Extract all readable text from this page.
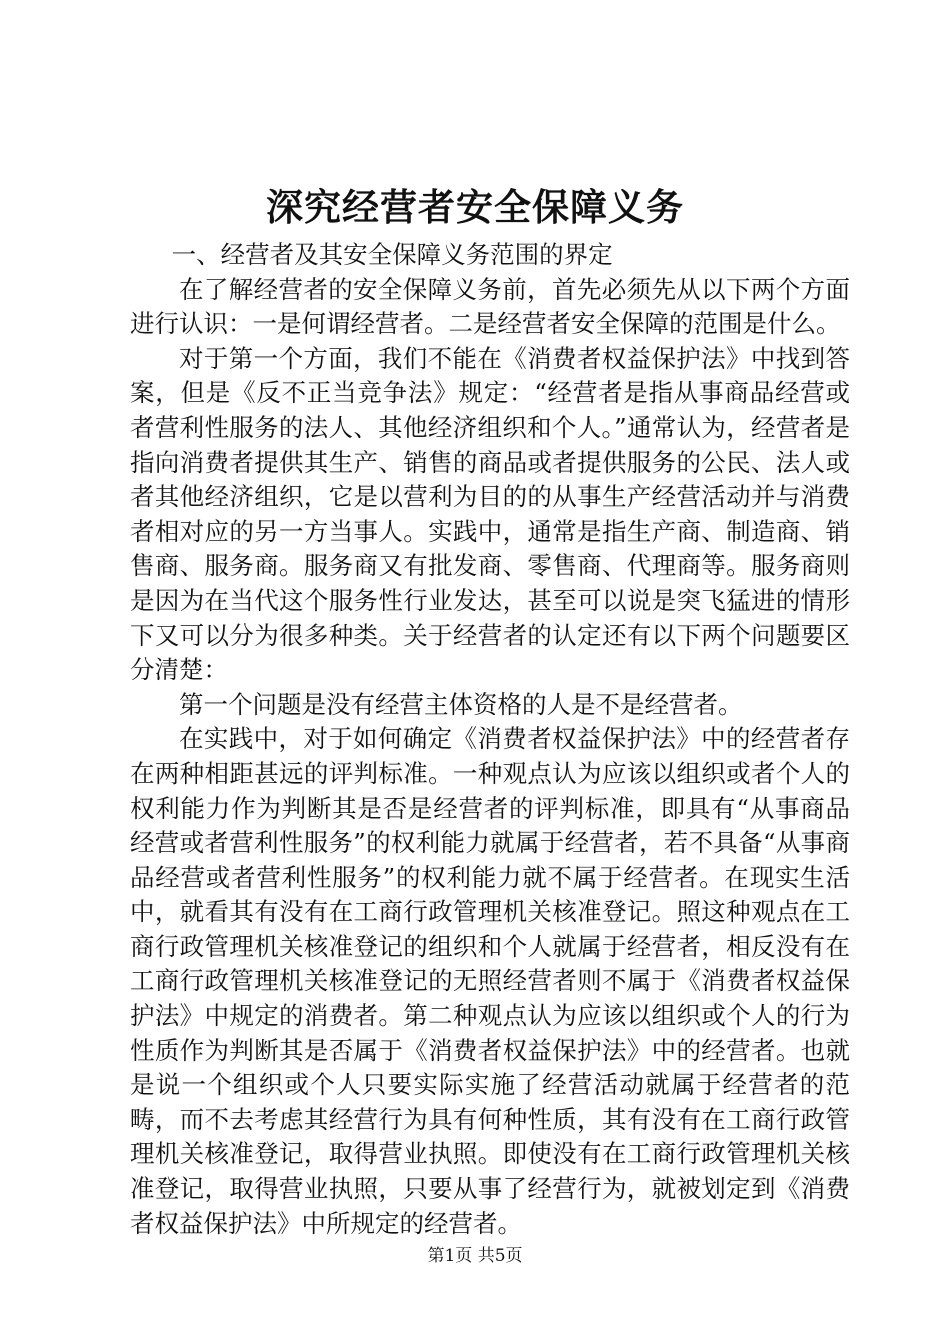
深究经营者安全保障义务

一、经营者及其安全保障义务范围的界定

在了解经营者的安全保障义务前，首先必须先从以下两个方面进行认识：一是何谓经营者。二是经营者安全保障的范围是什么。

对于第一个方面，我们不能在《消费者权益保护法》中找到答案，但是《反不正当竞争法》规定：“经营者是指从事商品经营或者营利性服务的法人、其他经济组织和个人。”通常认为，经营者是指向消费者提供其生产、销售的商品或者提供服务的公民、法人或者其他经济组织，它是以营利为目的的从事生产经营活动并与消费者相对应的另一方当事人。实践中，通常是指生产商、制造商、销售商、服务商。服务商又有批发商、零售商、代理商等。服务商则是因为在当代这个服务性行业发达，甚至可以说是突飞猛进的情形下又可以分为很多种类。关于经营者的认定还有以下两个问题要区分清楚：

第一个问题是没有经营主体资格的人是不是经营者。

在实践中，对于如何确定《消费者权益保护法》中的经营者存在两种相距甚远的评判标准。一种观点认为应该以组织或者个人的权利能力作为判断其是否是经营者的评判标准，即具有“从事商品经营或者营利性服务”的权利能力就属于经营者，若不具备“从事商品经营或者营利性服务”的权利能力就不属于经营者。在现实生活中，就看其有没有在工商行政管理机关核准登记。照这种观点在工商行政管理机关核准登记的组织和个人就属于经营者，相反没有在工商行政管理机关核准登记的无照经营者则不属于《消费者权益保护法》中规定的消费者。第二种观点认为应该以组织或个人的行为性质作为判断其是否属于《消费者权益保护法》中的经营者。也就是说一个组织或个人只要实际实施了经营活动就属于经营者的范畴，而不去考虑其经营行为具有何种性质，其有没有在工商行政管理机关核准登记，取得营业执照。即使没有在工商行政管理机关核准登记，取得营业执照，只要从事了经营行为，就被划定到《消费者权益保护法》中所规定的经营者。

第1页 共5页
